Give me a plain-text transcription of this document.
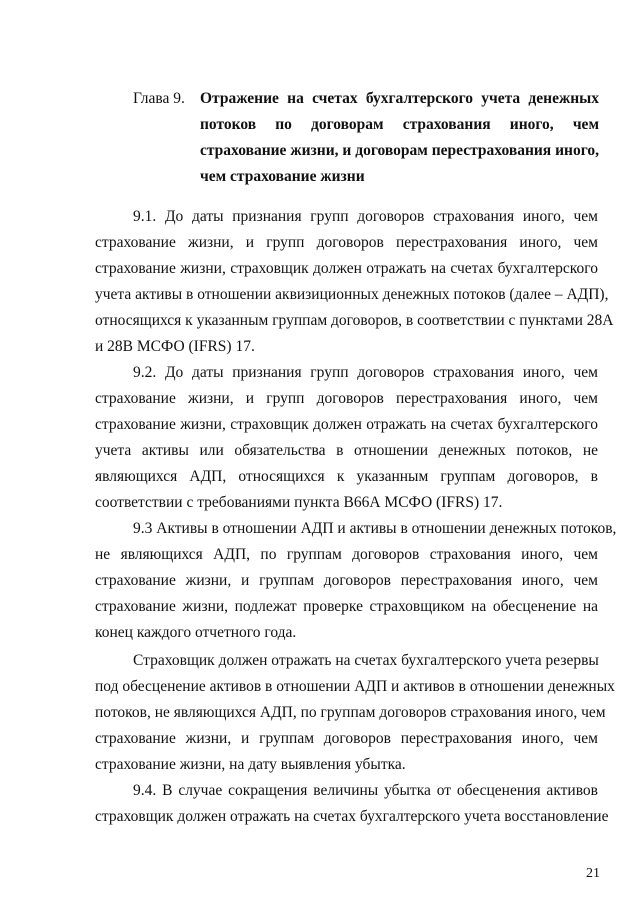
Глава 9. Отражение на счетах бухгалтерского учета денежных потоков по договорам страхования иного, чем страхование жизни, и договорам перестрахования иного, чем страхование жизни
9.1. До даты признания групп договоров страхования иного, чем
страхование жизни, и групп договоров перестрахования иного, чем
страхование жизни, страховщик должен отражать на счетах бухгалтерского
учета активы в отношении аквизиционных денежных потоков (далее – АДП),
относящихся к указанным группам договоров, в соответствии с пунктами 28А
и 28В МСФО (IFRS) 17.
9.2. До даты признания групп договоров страхования иного, чем
страхование жизни, и групп договоров перестрахования иного, чем
страхование жизни, страховщик должен отражать на счетах бухгалтерского
учета активы или обязательства в отношении денежных потоков, не
являющихся АДП, относящихся к указанным группам договоров, в
соответствии с требованиями пункта В66А МСФО (IFRS) 17.
9.3 Активы в отношении АДП и активы в отношении денежных потоков,
не являющихся АДП, по группам договоров страхования иного, чем
страхование жизни, и группам договоров перестрахования иного, чем
страхование жизни, подлежат проверке страховщиком на обесценение на
конец каждого отчетного года.
Страховщик должен отражать на счетах бухгалтерского учета резервы
под обесценение активов в отношении АДП и активов в отношении денежных
потоков, не являющихся АДП, по группам договоров страхования иного, чем
страхование жизни, и группам договоров перестрахования иного, чем
страхование жизни, на дату выявления убытка.
9.4. В случае сокращения величины убытка от обесценения активов
страховщик должен отражать на счетах бухгалтерского учета восстановление
21
